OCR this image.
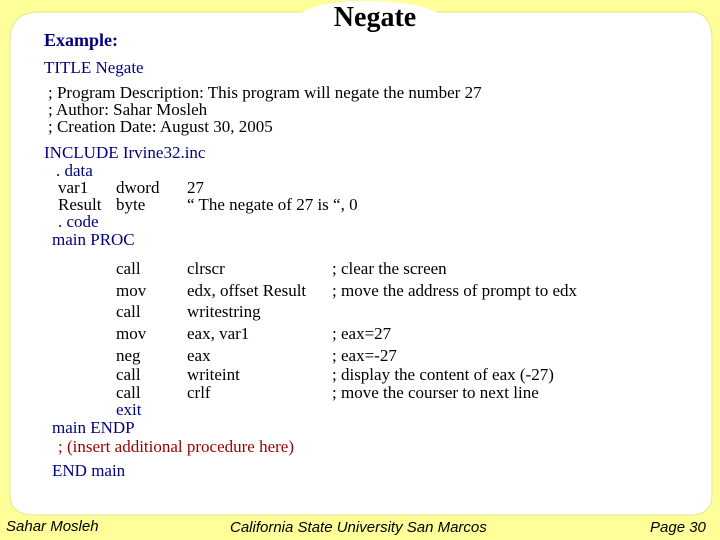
Negate
Example:
TITLE Negate
; Program Description: This program will negate the number 27
; Author: Sahar Mosleh
; Creation Date: August 30, 2005
INCLUDE Irvine32.inc
. data
var1 dword 27
Result byte “ The negate of 27 is “, 0
. code
main PROC
call	clrscr	; clear the screen
mov edx, offset Result ; move the address of prompt to edx
call	writestring
mov eax, var1	; eax=27
neg	eax	; eax=-27
call	writeint	; display the content of eax (-27)
call	crlf	; move the courser to next line
exit
main ENDP
; (insert additional procedure here)
END main
Sahar Mosleh	California State University San Marcos	Page 30
